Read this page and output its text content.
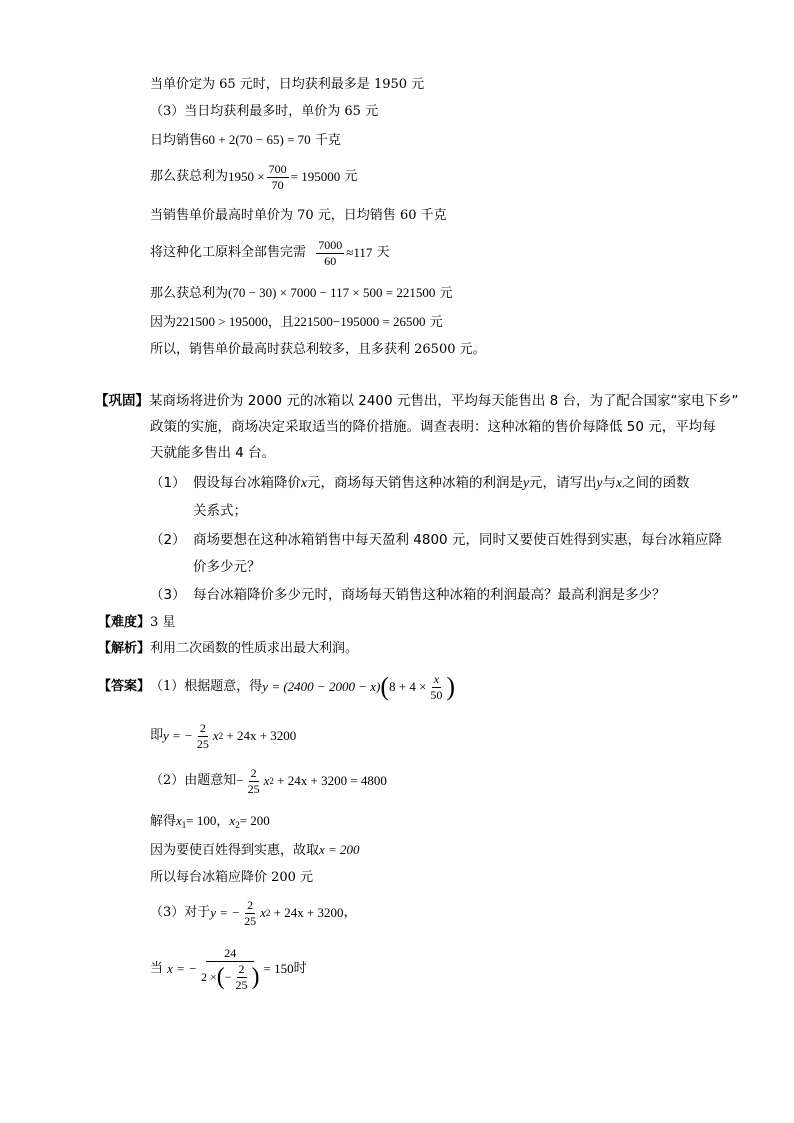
当单价定为 65 元时，日均获利最多是 1950 元
（3）当日均获利最多时，单价为 65 元
日均销售60 + 2(70 − 65) = 70 千克
那么获总利为 $1950 \times \frac{700}{70} = 195000$
元
当销售单价最高时单价为 70 元，日均销售 60 千克
将这种化工原料全部售完需
$\frac{7000}{60} \approx 117$
天
那么获总利为(70 − 30) × 7000 − 117 × 500 = 221500 元
因为221500 > 195000，且221500−195000 = 26500 元
所以，销售单价最高时获总利较多，且多获利 26500 元。
【巩固】某商场将进价为 2000 元的冰箱以 2400 元售出，平均每天能售出 8 台，为了配合国家“家电下乡”
政策的实施，商场决定采取适当的降价措施。调查表明：这种冰箱的售价每降低 50 元，平均每
天就能多售出 4 台。
（1） 假设每台冰箱降价x元，商场每天销售这种冰箱的利润是y元，请写出y与x之间的函数
关系式；
（2） 商场要想在这种冰箱销售中每天盈利 4800 元，同时又要使百姓得到实惠，每台冰箱应降
价多少元？
（3） 每台冰箱降价多少元时，商场每天销售这种冰箱的利润最高？最高利润是多少？
【难度】3 星
【解析】利用二次函数的性质求出最大利润。
【答案】 （1）根据题意，得 y = (2400 − 2000 − x) ( $8 + 4 \times \frac{x}{50}$ )
即 y = − $\frac{2}{25}$ x 2
+ 24x + 3200
（2）由题意知 − $\frac{2}{25}$ x 2
+ 24x + 3200 = 4800
解得$x_1= 100$，$x_2= 200$
因为要使百姓得到实惠，故取x = 200
所以每台冰箱应降价 200 元
（3）对于 y = − $\frac{2}{25}$ x 2
+ 24x + 3200 ，
当
x = − $\frac{24}{2 \times ( - \frac{2}{25} )} = 150$ 时
